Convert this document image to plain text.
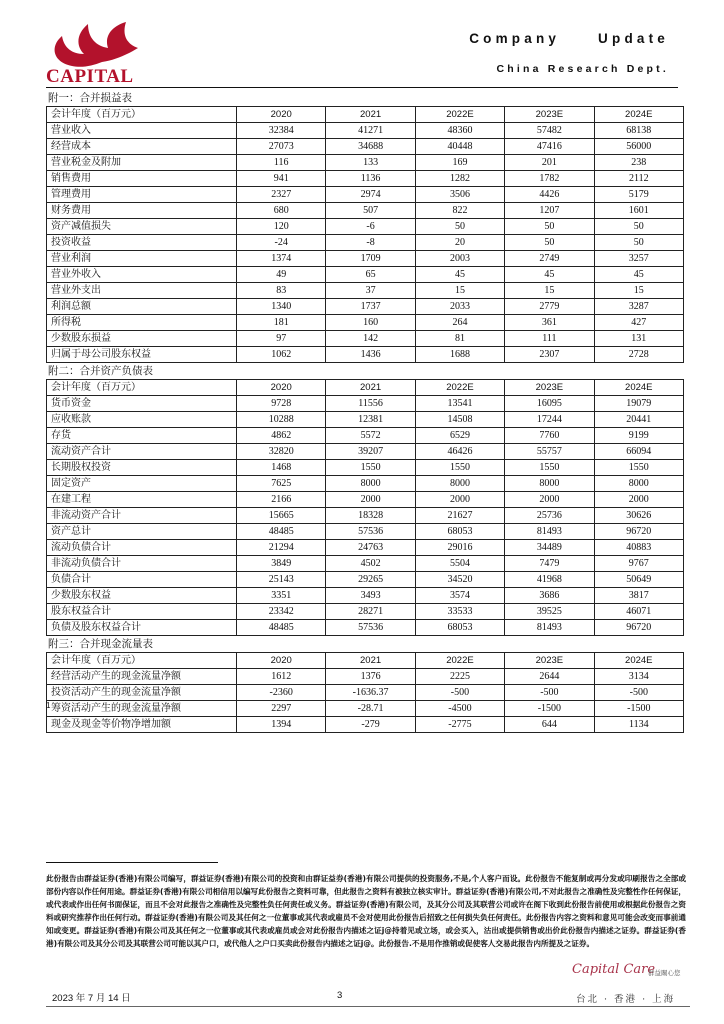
CAPITAL
Company Update
China Research Dept.
附一：合并损益表
会计年度（百万元）	2020	2021	2022E	2023E	2024E
营业收入	32384	41271	48360	57482	68138
经营成本	27073	34688	40448	47416	56000
营业税金及附加	116	133	169	201	238
销售费用	941	1136	1282	1782	2112
管理费用	2327	2974	3506	4426	5179
财务费用	680	507	822	1207	1601
资产减值损失	120	-6	50	50	50
投资收益	-24	-8	20	50	50
营业利润	1374	1709	2003	2749	3257
营业外收入	49	65	45	45	45
营业外支出	83	37	15	15	15
利润总额	1340	1737	2033	2779	3287
所得税	181	160	264	361	427
少数股东损益	97	142	81	111	131
归属于母公司股东权益	1062	1436	1688	2307	2728
附二：合并资产负债表
会计年度（百万元）	2020	2021	2022E	2023E	2024E
货币资金	9728	11556	13541	16095	19079
应收账款	10288	12381	14508	17244	20441
存货	4862	5572	6529	7760	9199
流动资产合计	32820	39207	46426	55757	66094
长期股权投资	1468	1550	1550	1550	1550
固定资产	7625	8000	8000	8000	8000
在建工程	2166	2000	2000	2000	2000
非流动资产合计	15665	18328	21627	25736	30626
资产总计	48485	57536	68053	81493	96720
流动负债合计	21294	24763	29016	34489	40883
非流动负债合计	3849	4502	5504	7479	9767
负债合计	25143	29265	34520	41968	50649
少数股东权益	3351	3493	3574	3686	3817
股东权益合计	23342	28271	33533	39525	46071
负债及股东权益合计	48485	57536	68053	81493	96720
附三：合并现金流量表
会计年度（百万元）	2020	2021	2022E	2023E	2024E
经营活动产生的现金流量净额	1612	1376	2225	2644	3134
投资活动产生的现金流量净额	-2360	-1636.37	-500	-500	-500
筹资活动产生的现金流量净额	2297	-28.71	-4500	-1500	-1500
现金及现金等价物净增加额	1394	-279	-2775	644	1134
1
此份报告由群益证券(香港)有限公司编写，群益证券(香港)有限公司的投资和由群证益券(香港)有限公司提供的投资服务,不是,个人客户而设。此份报告不能复制或再分发或印刷报告之全部或部份内容以作任何用途。群益证券(香港)有限公司相信用以编写此份报告之资料可靠，但此报告之资料有被独立核实审计。群益证券(香港)有限公司,不对此报告之准确性及完整性作任何保证，或代表或作出任何书面保证，而且不会对此报告之准确性及完整性负任何责任或义务。群益证券(香港)有限公司，及其分公司及其联营公司或许在阁下收到此份报告前使用或根据此份报告之资料或研究推荐作出任何行动。群益证券(香港)有限公司及其任何之一位董事或其代表或雇员不会对使用此份报告后招致之任何损失负任何责任。此份报告内容之资料和意见可能会改变而事前通知或变更。群益证券(香港)有限公司及其任何之一位董事或其代表或雇员或会对此份报告内描述之证j@持着见或立场，或会买入，沽出或提供销售或出价此份报告内描述之证券。群益证券(香港)有限公司及其分公司及其联营公司可能以其户口，或代他人之户口买卖此份报告内描述之证j@。此份报告.不是用作推销或促使客人交易此报告内所提及之证券。
Capital Care
群益關心您
台北 · 香港 · 上海
2023 年 7 月 14 日	3
